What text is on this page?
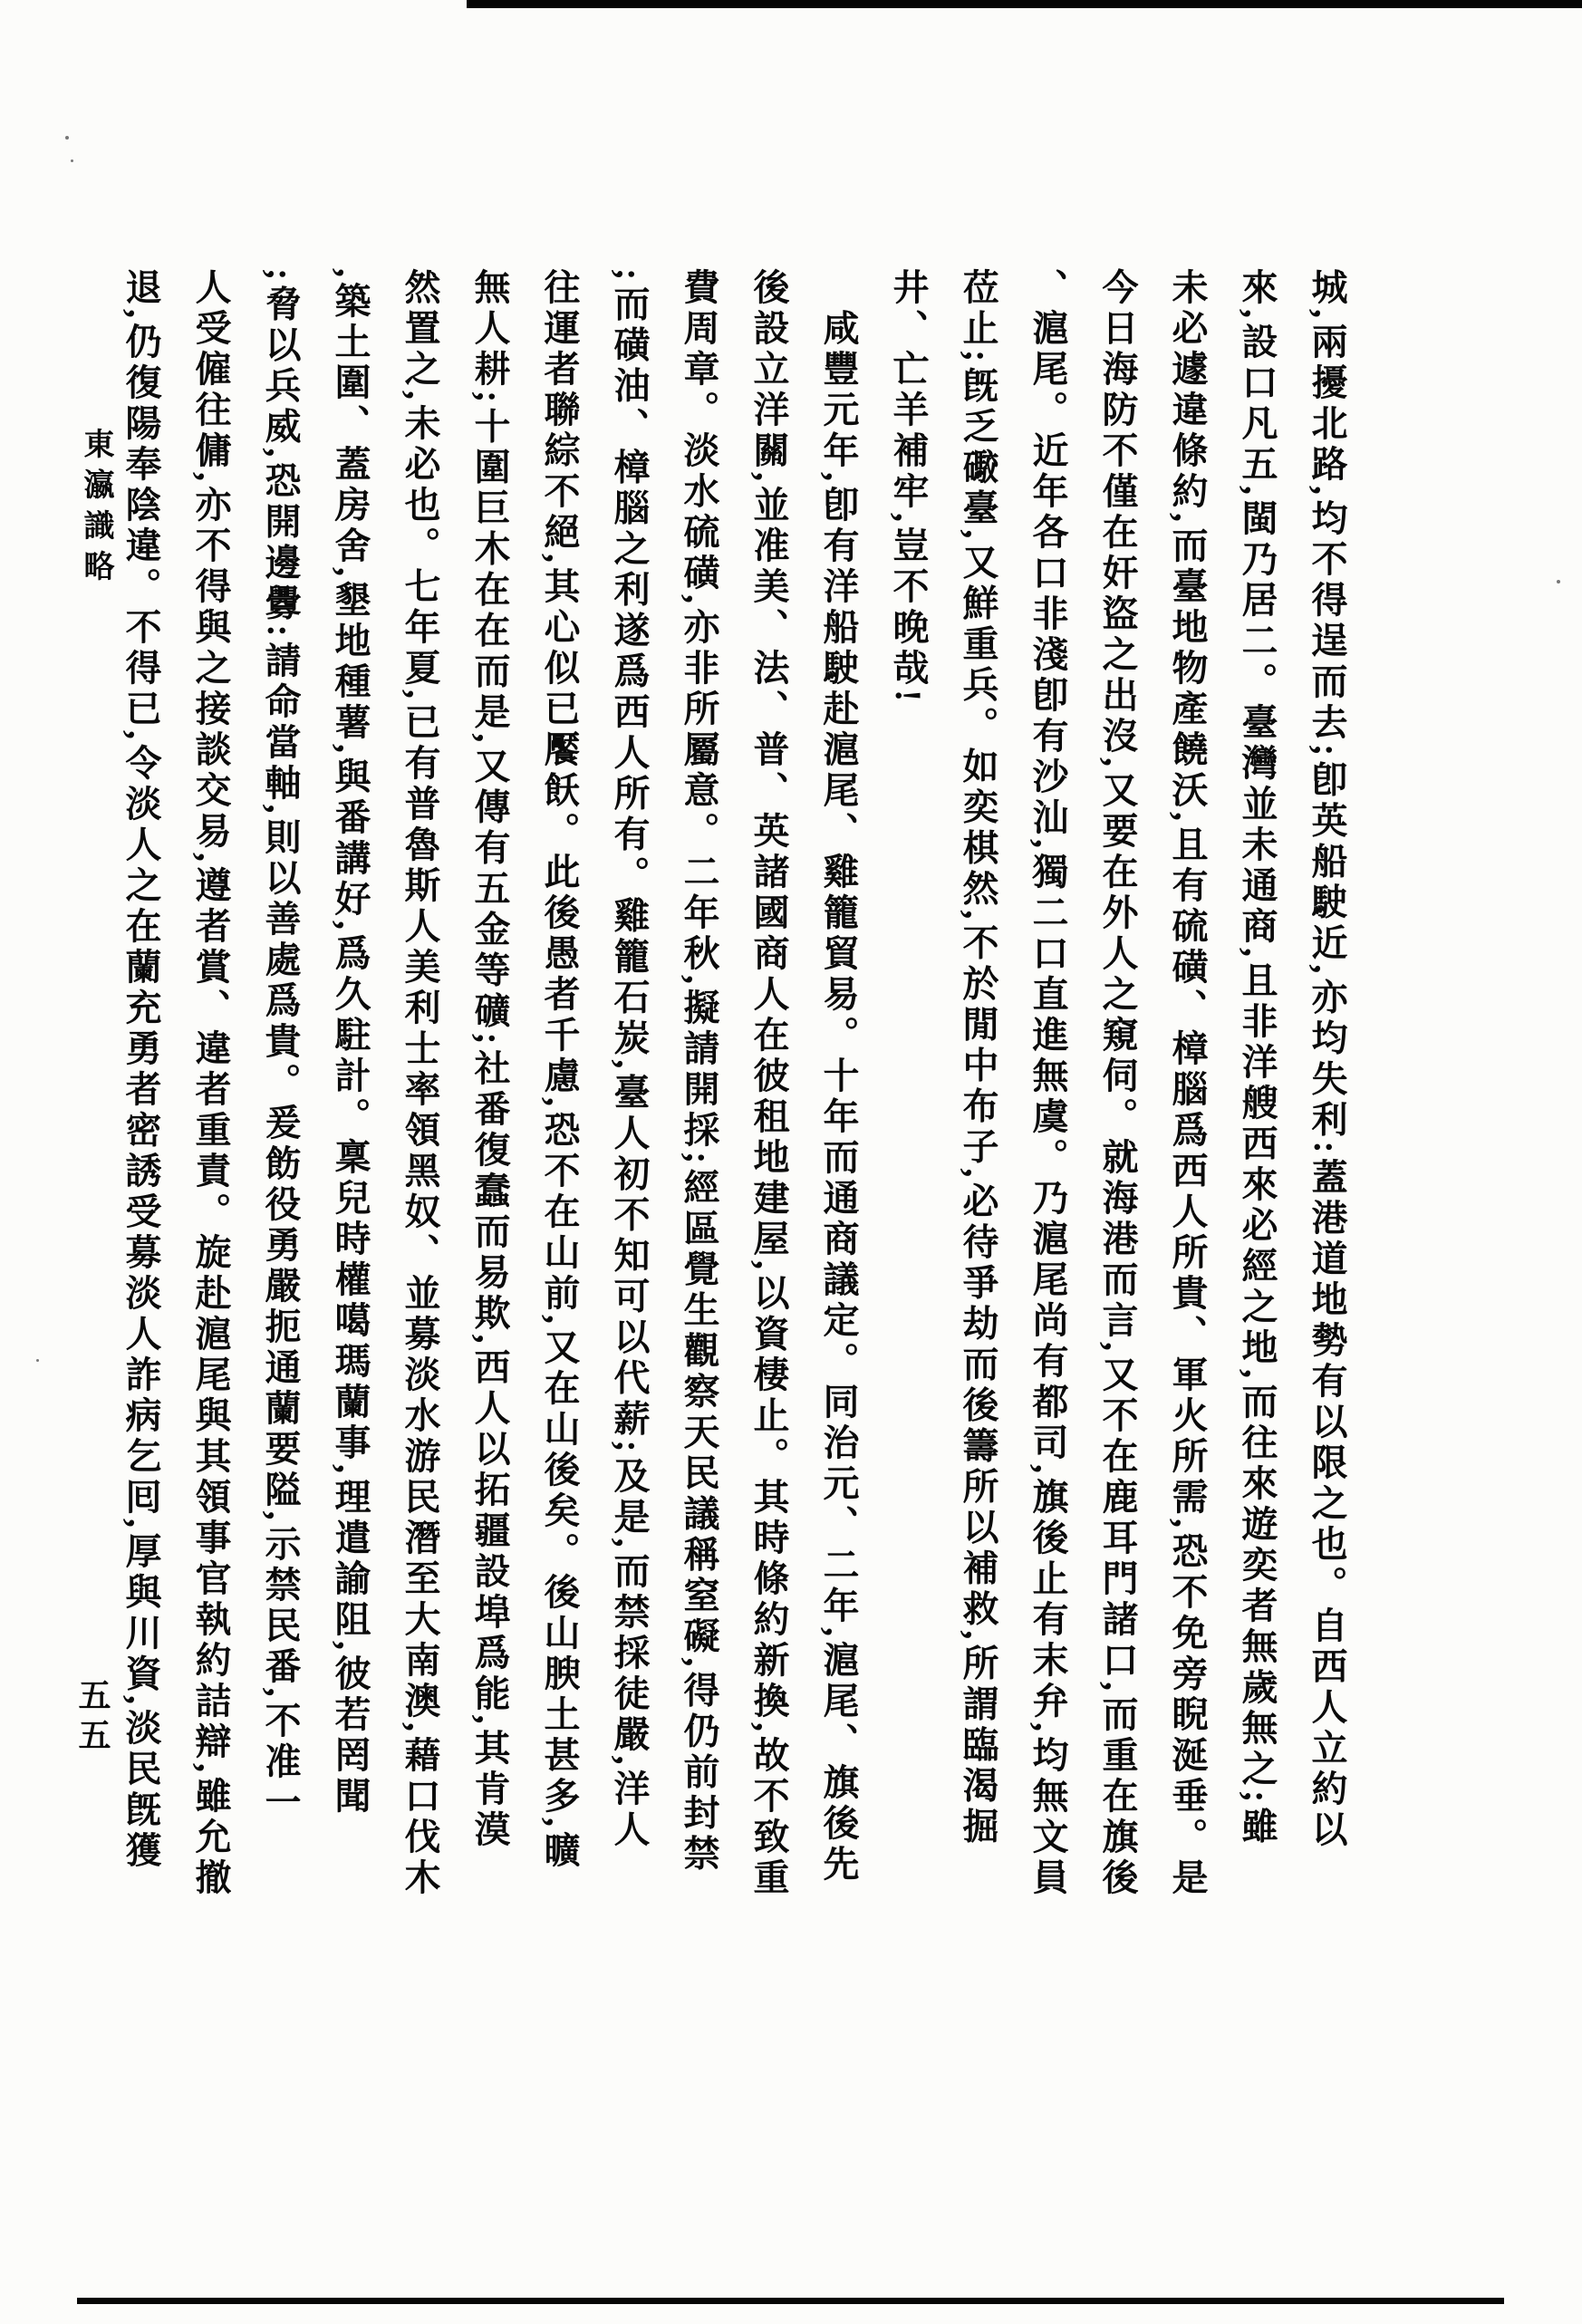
東瀛識略
五五	城,兩擾北路,均不得逞而去;卽英船駛近,亦均失利:蓋港道地勢有以限之也。自西人立約以
來,設口凡五,閩乃居二。臺灣並未通商,且非洋艘西來必經之地,而往來遊奕者無歲無之;雖
未必遽違條約,而臺地物產饒沃,且有硫磺、樟腦爲西人所貴、軍火所需,恐不免旁睨涎垂。是
今日海防不僅在奸盜之出沒,又要在外人之窺伺。就海港而言,又不在鹿耳門諸口,而重在旗後
、滬尾。近年各口非淺卽有沙汕,獨二口直進無虞。乃滬尾尚有都司,旗後止有末弁,均無文員
莅止;旣乏礮臺,又鮮重兵。如奕棋然,不於閒中布子,必待爭劫而後籌所以補救,所謂臨渴掘
井、亡羊補牢,豈不晚哉!
咸豐元年,卽有洋船駛赴滬尾、雞籠貿易。十年而通商議定。同治元、二年,滬尾、旗後先
後設立洋關,並准美、法、普、英諸國商人在彼租地建屋,以資棲止。其時條約新換,故不致重
費周章。淡水硫磺,亦非所屬意。二年秋,擬請開採;經區覺生觀察天民議稱窒礙,得仍前封禁
;而磺油、樟腦之利遂爲西人所有。雞籠石炭,臺人初不知可以代薪;及是,而禁採徒嚴,洋人
往運者聯綜不絕,其心似已饜飫。此後愚者千慮,恐不在山前,又在山後矣。後山腴土甚多,曠
無人耕;十圍巨木在在而是,又傳有五金等礦;社番復蠢而易欺,西人以拓疆設埠爲能,其肯漠
然置之,未必也。七年夏,已有普魯斯人美利士率領黑奴、並募淡水游民潛至大南澳,藉口伐木
,築土圍、蓋房舍,墾地種薯,與番講好,爲久駐計。稟兒時權噶瑪蘭事,理遣諭阻,彼若罔聞
;脅以兵威,恐開邊釁:請命當軸,則以善處爲貴。爰飭役勇嚴扼通蘭要隘,示禁民番,不准一
人受僱往傭,亦不得與之接談交易,遵者賞、違者重責。旋赴滬尾與其領事官執約詰辯,雖允撤
退,仍復陽奉陰違。不得已,令淡人之在蘭充勇者密誘受募淡人詐病乞囘,厚與川資,淡民旣獲
